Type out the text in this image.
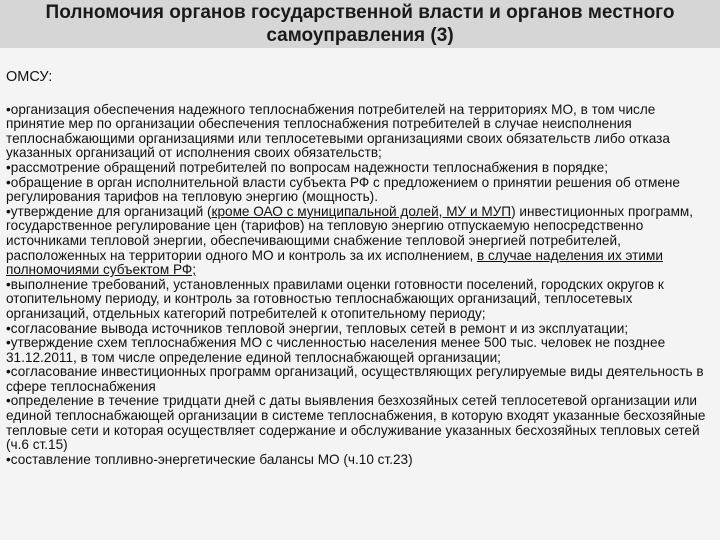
Полномочия органов государственной власти и органов местного самоуправления (3)
ОМСУ:

•организация обеспечения надежного теплоснабжения потребителей на территориях МО, в том числе принятие мер по организации обеспечения теплоснабжения потребителей в случае неисполнения теплоснабжающими организациями или теплосетевыми организациями своих обязательств либо отказа указанных организаций от исполнения своих обязательств;

•рассмотрение обращений потребителей по вопросам надежности теплоснабжения в порядке;

•обращение в орган исполнительной власти субъекта РФ с предложением о принятии решения об отмене регулирования тарифов на тепловую энергию (мощность).

•утверждение для организаций (кроме ОАО с муниципальной долей, МУ и МУП) инвестиционных программ, государственное регулирование цен (тарифов) на тепловую энергию отпускаемую непосредственно источниками тепловой энергии, обеспечивающими снабжение тепловой энергией потребителей, расположенных на территории одного МО и контроль за их исполнением, в случае наделения их этими полномочиями субъектом РФ;

•выполнение требований, установленных правилами оценки готовности поселений, городских округов к отопительному периоду, и контроль за готовностью теплоснабжающих организаций, теплосетевых организаций, отдельных категорий потребителей к отопительному периоду;

•согласование вывода источников тепловой энергии, тепловых сетей в ремонт и из эксплуатации;

•утверждение схем теплоснабжения МО с численностью населения менее 500 тыс. человек не позднее 31.12.2011, в том числе определение единой теплоснабжающей организации;

•согласование инвестиционных программ организаций, осуществляющих регулируемые виды деятельность в сфере теплоснабжения

•определение в течение тридцати дней с даты выявления безхозяйных сетей теплосетевой организации или единой теплоснабжающей организации в системе теплоснабжения, в которую входят указанные бесхозяйные тепловые сети и которая осуществляет содержание и обслуживание указанных бесхозяйных тепловых сетей (ч.6 ст.15)

•составление топливно-энергетические балансы МО (ч.10 ст.23)
